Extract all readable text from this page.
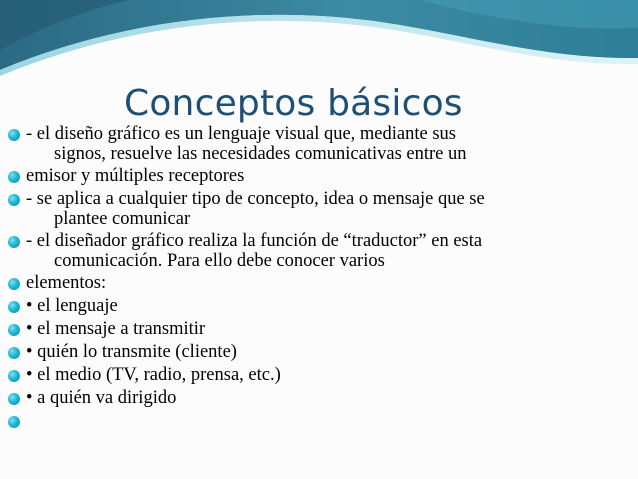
Conceptos básicos
- el diseño gráfico es un lenguaje visual que, mediante sus
signos, resuelve las necesidades comunicativas entre un
emisor y múltiples receptores
- se aplica a cualquier tipo de concepto, idea o mensaje que se
plantee comunicar
- el diseñador gráfico realiza la función de “traductor” en esta
comunicación. Para ello debe conocer varios
elementos:
• el lenguaje
• el mensaje a transmitir
• quién lo transmite (cliente)
• el medio (TV, radio, prensa, etc.)
• a quién va dirigido
